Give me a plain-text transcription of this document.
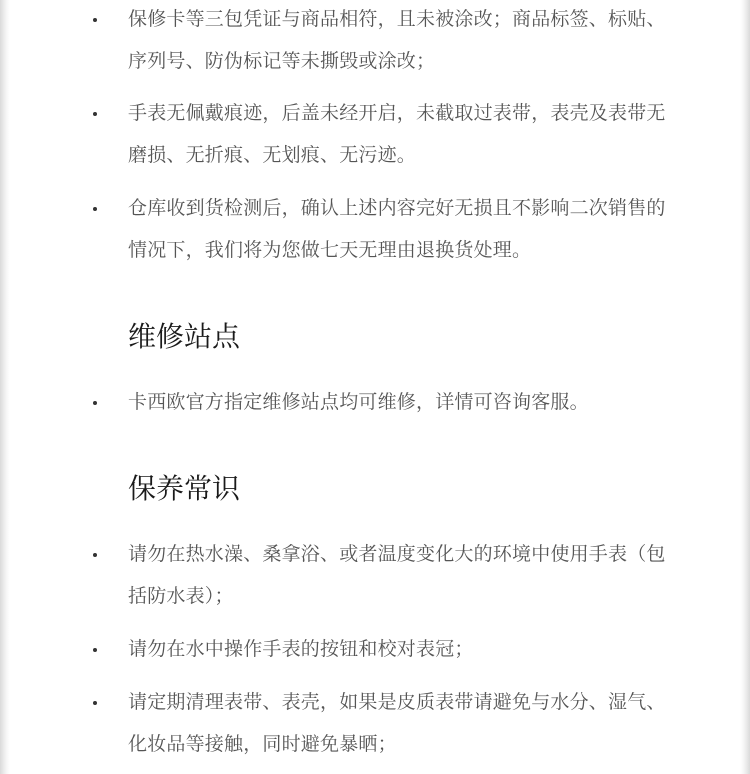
保修卡等三包凭证与商品相符，且未被涂改；商品标签、标贴、序列号、防伪标记等未撕毁或涂改；
手表无佩戴痕迹，后盖未经开启，未截取过表带，表壳及表带无磨损、无折痕、无划痕、无污迹。
仓库收到货检测后，确认上述内容完好无损且不影响二次销售的情况下，我们将为您做七天无理由退换货处理。
维修站点
卡西欧官方指定维修站点均可维修，详情可咨询客服。
保养常识
请勿在热水澡、桑拿浴、或者温度变化大的环境中使用手表（包括防水表）；
请勿在水中操作手表的按钮和校对表冠；
请定期清理表带、表壳，如果是皮质表带请避免与水分、湿气、化妆品等接触，同时避免暴晒；
